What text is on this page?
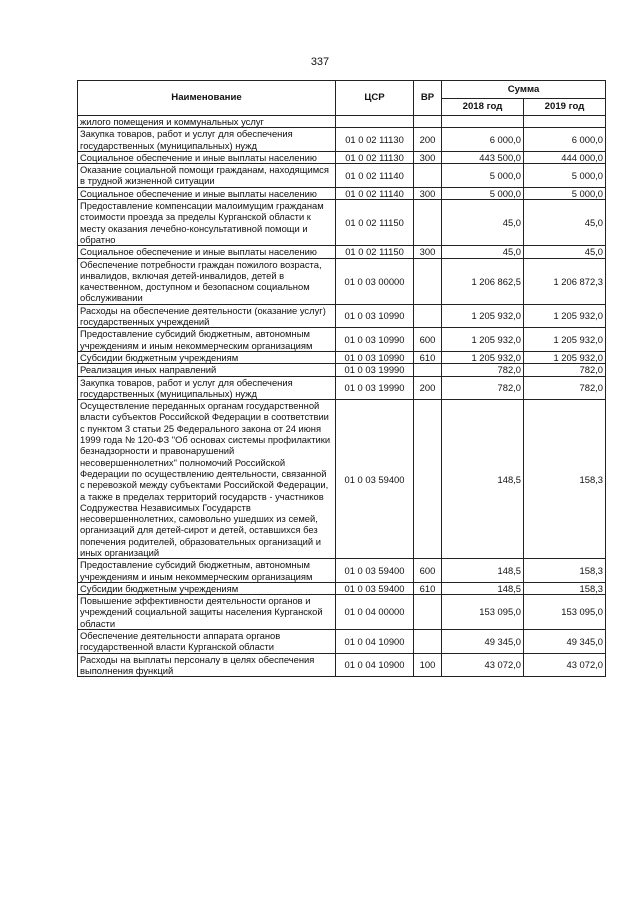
337
Наименование	ЦСР	ВР	Сумма	
			2018 год	2019 год
жилого помещения и коммунальных услуг				
Закупка товаров, работ и услуг для обеспечения государственных (муниципальных) нужд	01 0 02 11130	200	6 000,0	6 000,0
Социальное обеспечение и иные выплаты населению	01 0 02 11130	300	443 500,0	444 000,0
Оказание социальной помощи гражданам, находящимся в трудной жизненной ситуации	01 0 02 11140		5 000,0	5 000,0
Социальное обеспечение и иные выплаты населению	01 0 02 11140	300	5 000,0	5 000,0
Предоставление компенсации малоимущим гражданам стоимости проезда за пределы Курганской области к месту оказания лечебно-консультативной помощи и обратно	01 0 02 11150		45,0	45,0
Социальное обеспечение и иные выплаты населению	01 0 02 11150	300	45,0	45,0
Обеспечение потребности граждан пожилого возраста, инвалидов, включая детей-инвалидов, детей в качественном, доступном и безопасном социальном обслуживании	01 0 03 00000		1 206 862,5	1 206 872,3
Расходы на обеспечение деятельности (оказание услуг) государственных учреждений	01 0 03 10990		1 205 932,0	1 205 932,0
Предоставление субсидий бюджетным, автономным учреждениям и иным некоммерческим организациям	01 0 03 10990	600	1 205 932,0	1 205 932,0
Субсидии бюджетным учреждениям	01 0 03 10990	610	1 205 932,0	1 205 932,0
Реализация иных направлений	01 0 03 19990		782,0	782,0
Закупка товаров, работ и услуг для обеспечения государственных (муниципальных) нужд	01 0 03 19990	200	782,0	782,0
Осуществление переданных органам государственной власти субъектов Российской Федерации в соответствии с пунктом 3 статьи 25 Федерального закона от 24 июня 1999 года № 120-ФЗ "Об основах системы профилактики безнадзорности и правонарушений несовершеннолетних" полномочий Российской Федерации по осуществлению деятельности, связанной с перевозкой между субъектами Российской Федерации, а также в пределах территорий государств - участников Содружества Независимых Государств несовершеннолетних, самовольно ушедших из семей, организаций для детей-сирот и детей, оставшихся без попечения родителей, образовательных организаций и иных организаций	01 0 03 59400		148,5	158,3
Предоставление субсидий бюджетным, автономным учреждениям и иным некоммерческим организациям	01 0 03 59400	600	148,5	158,3
Субсидии бюджетным учреждениям	01 0 03 59400	610	148,5	158,3
Повышение эффективности деятельности органов и учреждений социальной защиты населения Курганской области	01 0 04 00000		153 095,0	153 095,0
Обеспечение деятельности аппарата органов государственной власти Курганской области	01 0 04 10900		49 345,0	49 345,0
Расходы на выплаты персоналу в целях обеспечения выполнения функций	01 0 04 10900	100	43 072,0	43 072,0
